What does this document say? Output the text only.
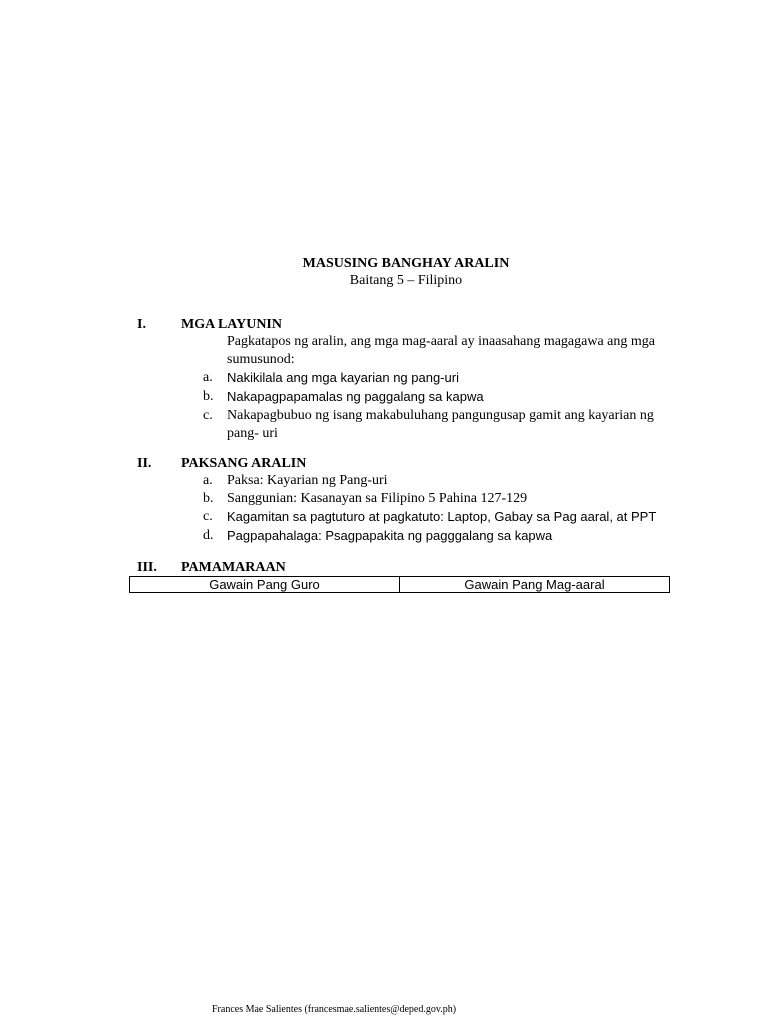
MASUSING BANGHAY ARALIN
Baitang 5 – Filipino
I.	MGA LAYUNIN
Pagkatapos ng aralin, ang mga mag-aaral ay inaasahang magagawa ang mga sumusunod:
a. Nakikilala ang mga kayarian ng pang-uri
b. Nakapagpapamalas ng paggalang sa kapwa
c. Nakapagbubuo ng isang makabuluhang pangungusap gamit ang kayarian ng pang- uri
II. PAKSANG ARALIN
a. Paksa: Kayarian ng Pang-uri
b. Sanggunian: Kasanayan sa Filipino 5 Pahina 127-129
c. Kagamitan sa pagtuturo at pagkatuto: Laptop, Gabay sa Pag aaral, at PPT
d. Pagpapahalaga: Psagpapakita ng pagggalang sa kapwa
III. PAMAMARAAN
Gawain Pang Guro	Gawain Pang Mag-aaral
Frances Mae Salientes (francesmae.salientes@deped.gov.ph)
